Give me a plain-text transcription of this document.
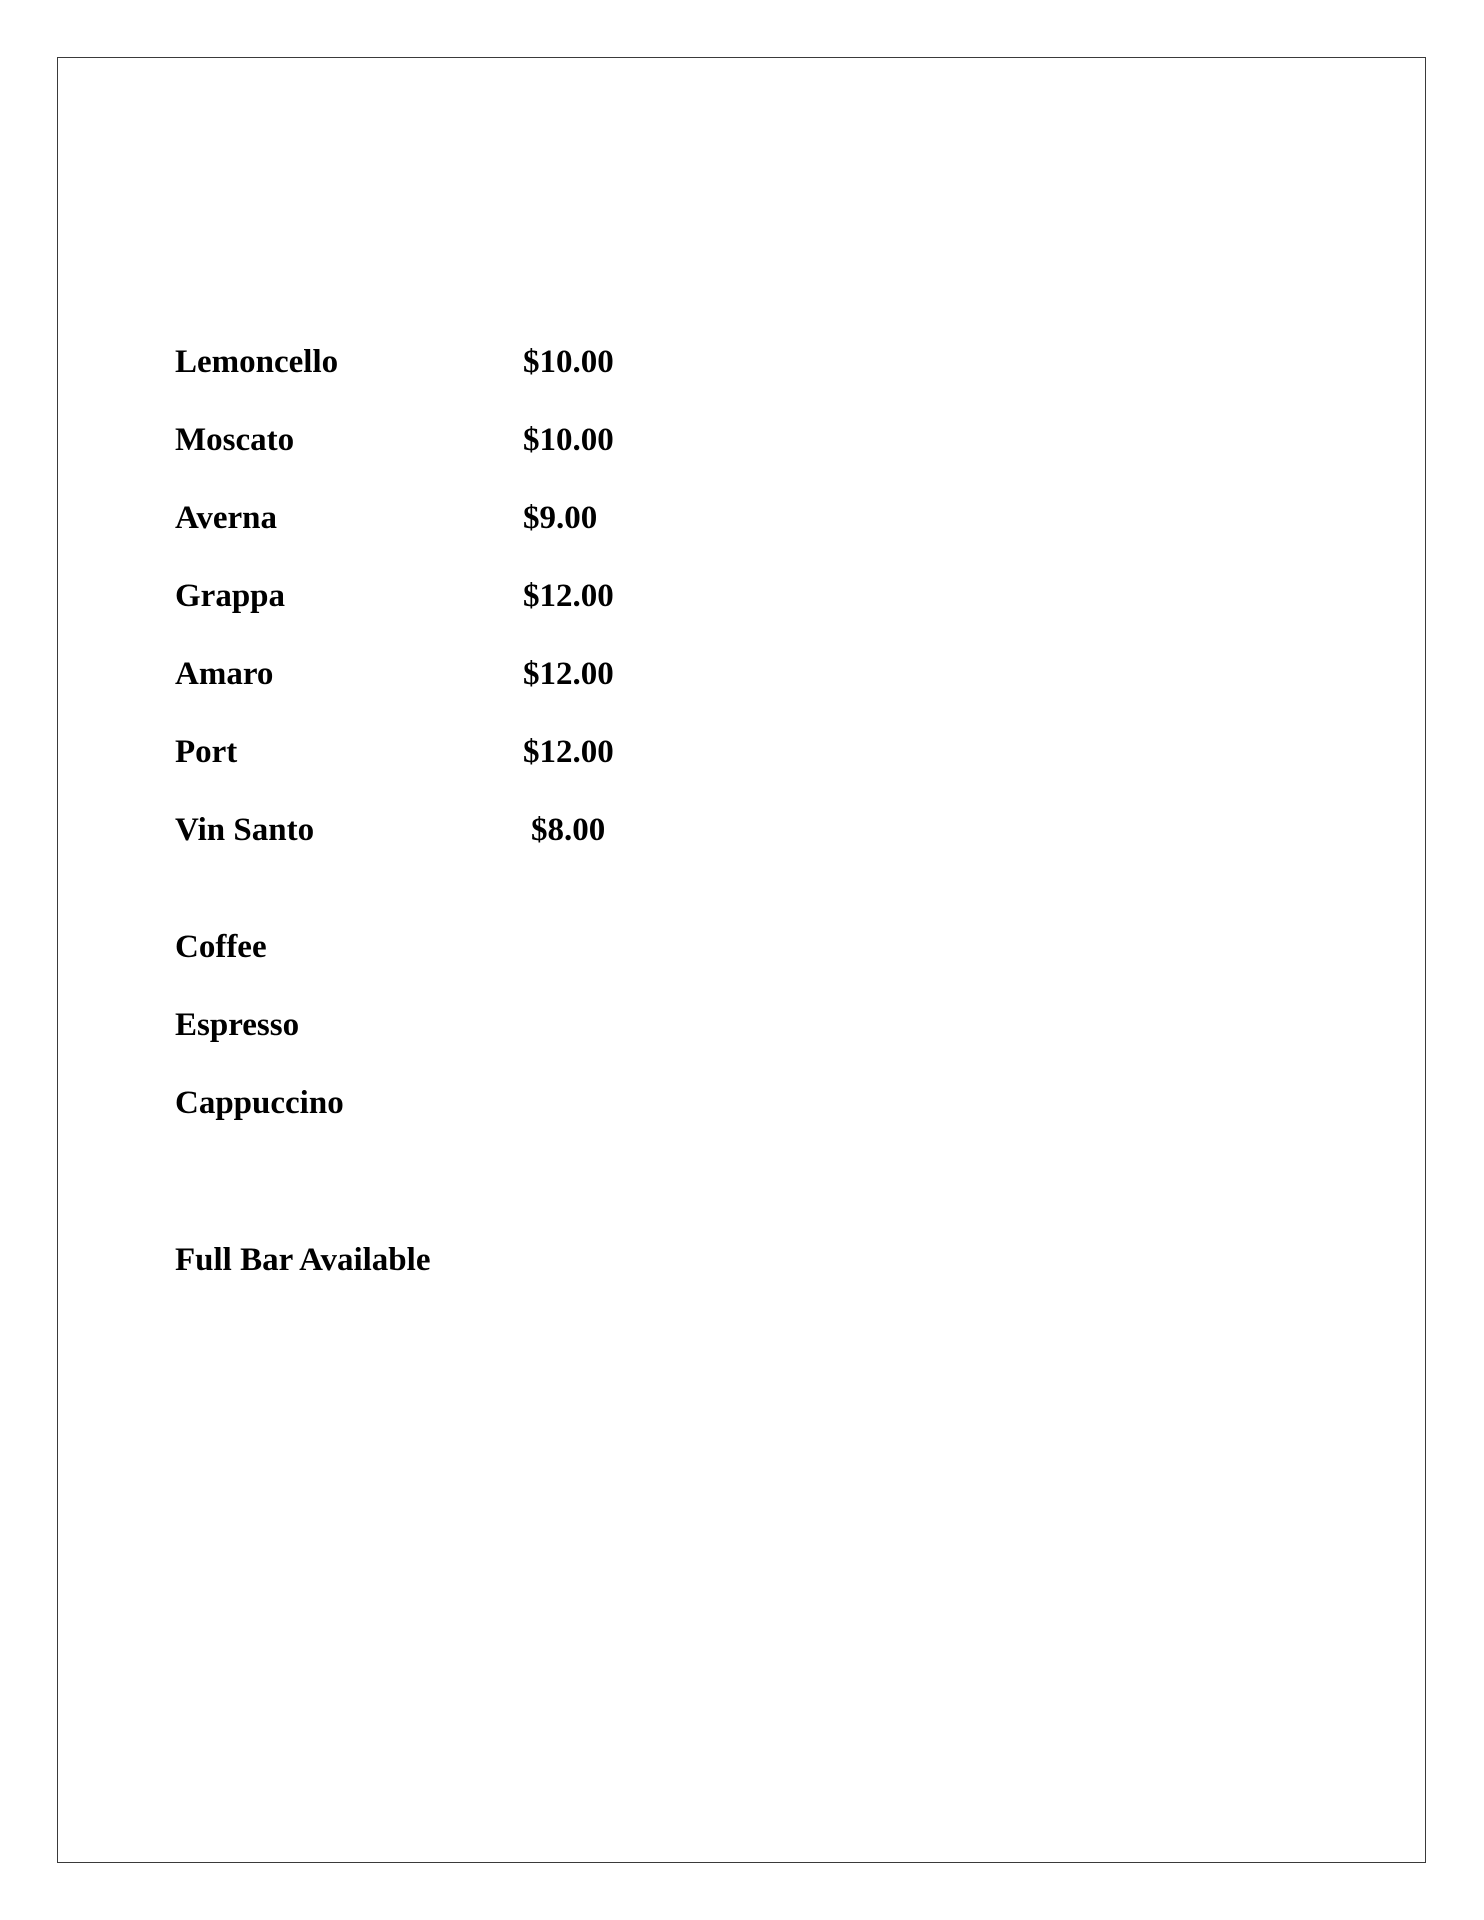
Lemoncello	$10.00
Moscato	$10.00
Averna	$9.00
Grappa	$12.00
Amaro	$12.00
Port	$12.00
Vin Santo	$8.00
Coffee
Espresso
Cappuccino
Full Bar Available
